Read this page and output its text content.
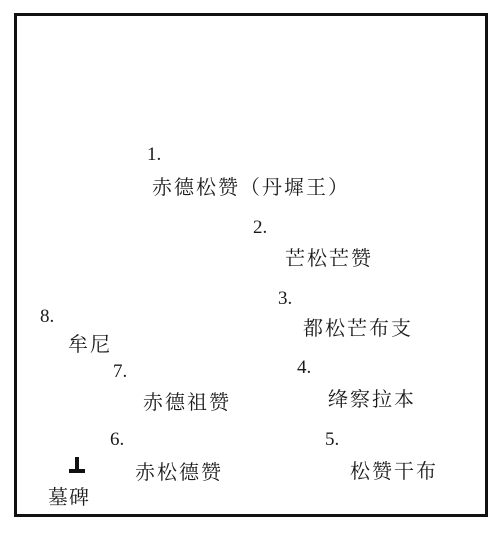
1.
赤德松赞（丹墀王）
2.
芒松芒赞
3.
都松芒布支
4.
绛察拉本
5.
松赞干布
6.
赤松德赞
7.
赤德祖赞
8.
牟尼
墓碑
